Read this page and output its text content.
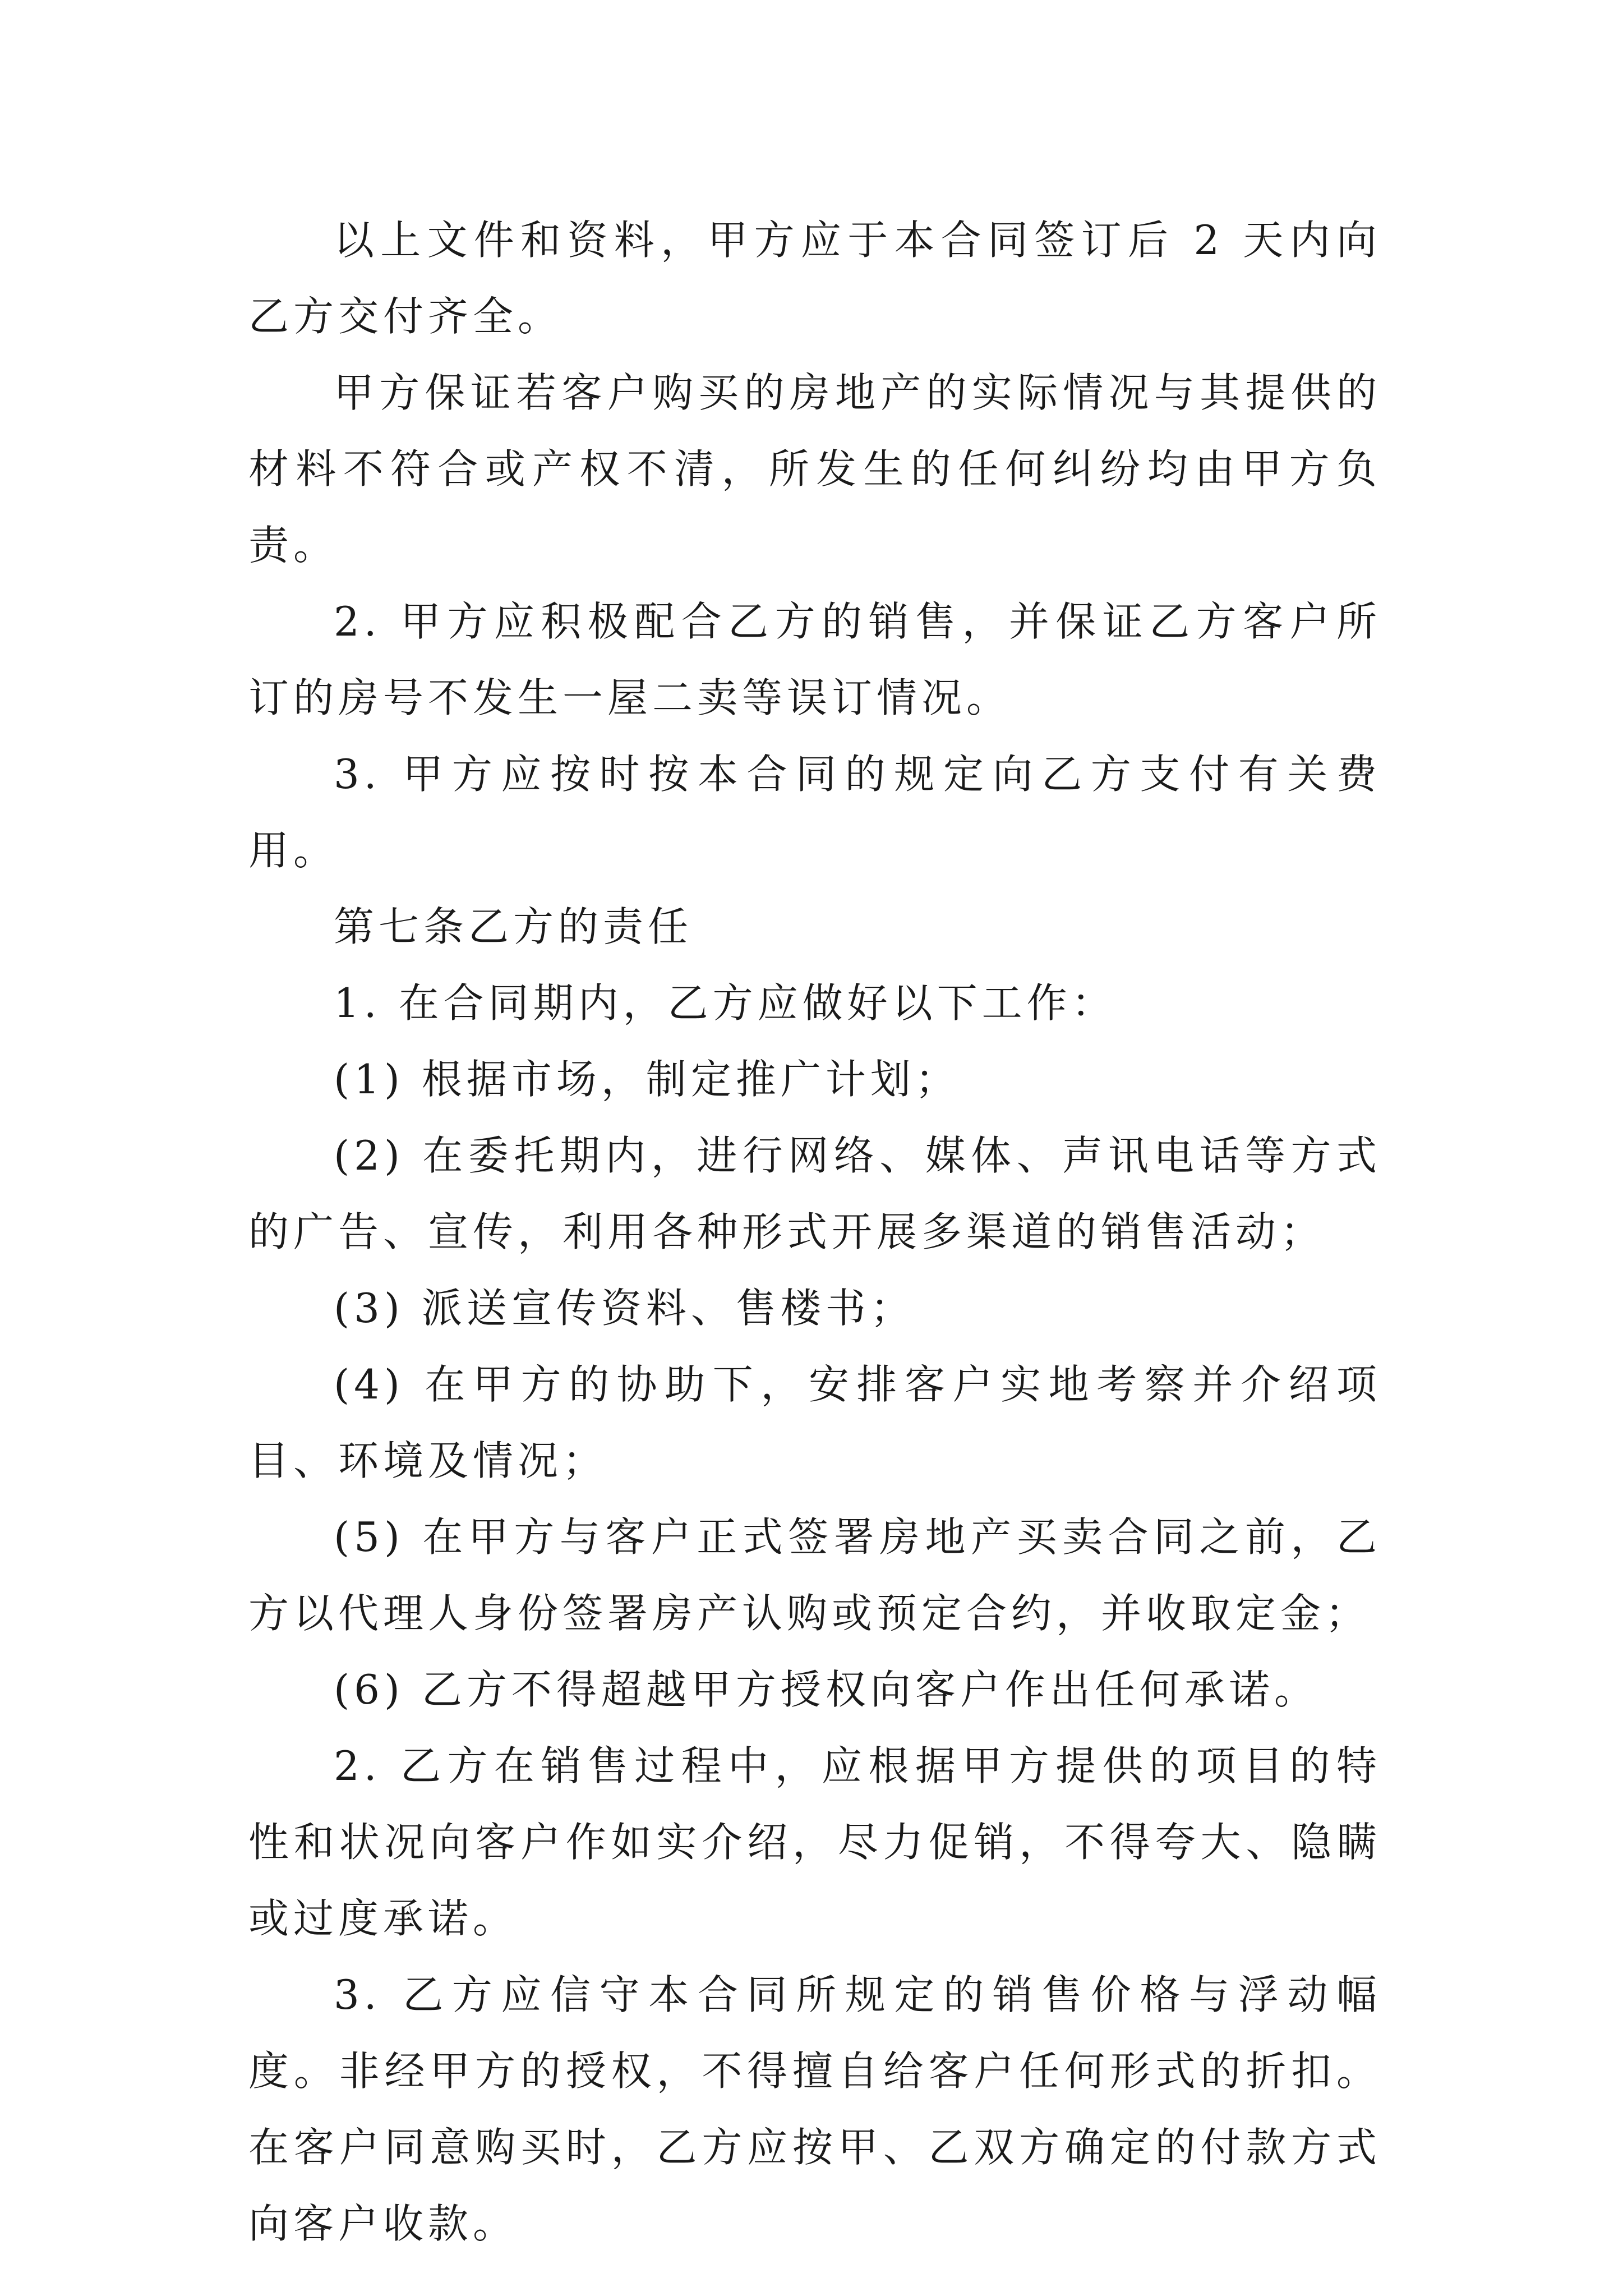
以上文件和资料，甲方应于本合同签订后 2 天内向乙方交付齐全。

甲方保证若客户购买的房地产的实际情况与其提供的材料不符合或产权不清，所发生的任何纠纷均由甲方负责。

2. 甲方应积极配合乙方的销售，并保证乙方客户所订的房号不发生一屋二卖等误订情况。

3. 甲方应按时按本合同的规定向乙方支付有关费用。

第七条乙方的责任

1. 在合同期内，乙方应做好以下工作：

(1) 根据市场，制定推广计划；

(2) 在委托期内，进行网络、媒体、声讯电话等方式的广告、宣传，利用各种形式开展多渠道的销售活动；

(3) 派送宣传资料、售楼书；

(4) 在甲方的协助下，安排客户实地考察并介绍项目、环境及情况；

(5) 在甲方与客户正式签署房地产买卖合同之前，乙方以代理人身份签署房产认购或预定合约，并收取定金；

(6) 乙方不得超越甲方授权向客户作出任何承诺。

2. 乙方在销售过程中，应根据甲方提供的项目的特性和状况向客户作如实介绍，尽力促销，不得夸大、隐瞒或过度承诺。

3. 乙方应信守本合同所规定的销售价格与浮动幅度。非经甲方的授权，不得擅自给客户任何形式的折扣。在客户同意购买时，乙方应按甲、乙双方确定的付款方式向客户收款。
